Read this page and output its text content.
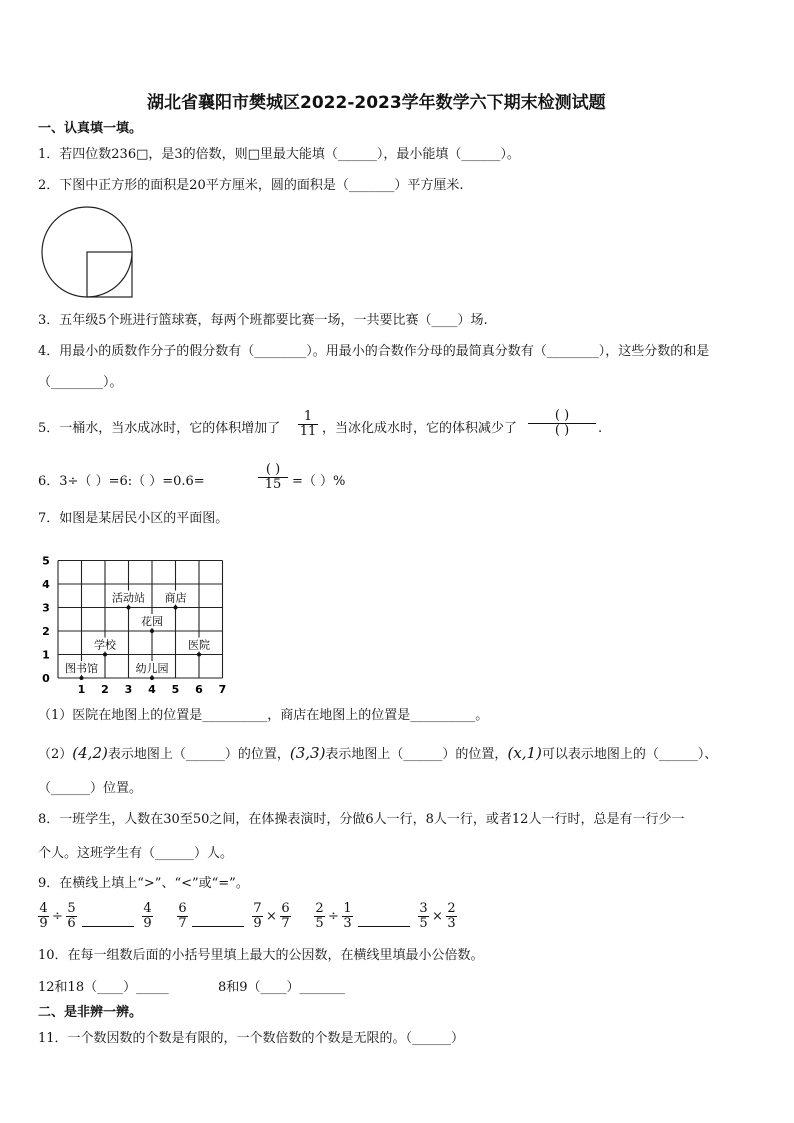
湖北省襄阳市樊城区2022-2023学年数学六下期末检测试题
一、认真填一填。
1．若四位数236□，是3的倍数，则□里最大能填（______），最小能填（______）。
2．下图中正方形的面积是20平方厘米，圆的面积是（_______）平方厘米.
3．五年级5个班进行篮球赛，每两个班都要比赛一场，一共要比赛（____）场.
4．用最小的质数作分子的假分数有（________）。用最小的合数作分母的最简真分数有（________），这些分数的和是
（________）。
5．一桶水，当水成冰时，它的体积增加了 $\frac{1}{11}$ ，当冰化成水时，它的体积减少了
( )
( )	.
6．3÷（ ）=6:（ ）=0.6=
( )
15 =（ ）%
7．如图是某居民小区的平面图。
活动站 商店
花园
学校	医院
图书馆	幼儿园
1 2 3 4 5 6 7
0
1
2
3
4
5
（1）医院在地图上的位置是__________，商店在地图上的位置是__________。
（2）(4,2)表示地图上（______）的位置，(3,3)表示地图上（______）的位置，(x,1)可以表示地图上的（______）、
（______）位置。
8．一班学生，人数在30至50之间，在体操表演时，分做6人一行，8人一行，或者12人一行时，总是有一行少一
个人。这班学生有（______）人。
9．在横线上填上“>”、“<”或“=”。
$\frac{4}{9} \div \frac{5}{6}$	$\frac{4}{9} \frac{6}{7}$	$\frac{7}{9} \times \frac{6}{7} \frac{2}{5} \div \frac{1}{3}$	$\frac{3}{5} \times \frac{2}{3}$
10．在每一组数后面的小括号里填上最大的公因数，在横线里填最小公倍数。
12和18（____）_____	8和9（____）_______
二、是非辨一辨。
11．一个数因数的个数是有限的，一个数倍数的个数是无限的。（______）
